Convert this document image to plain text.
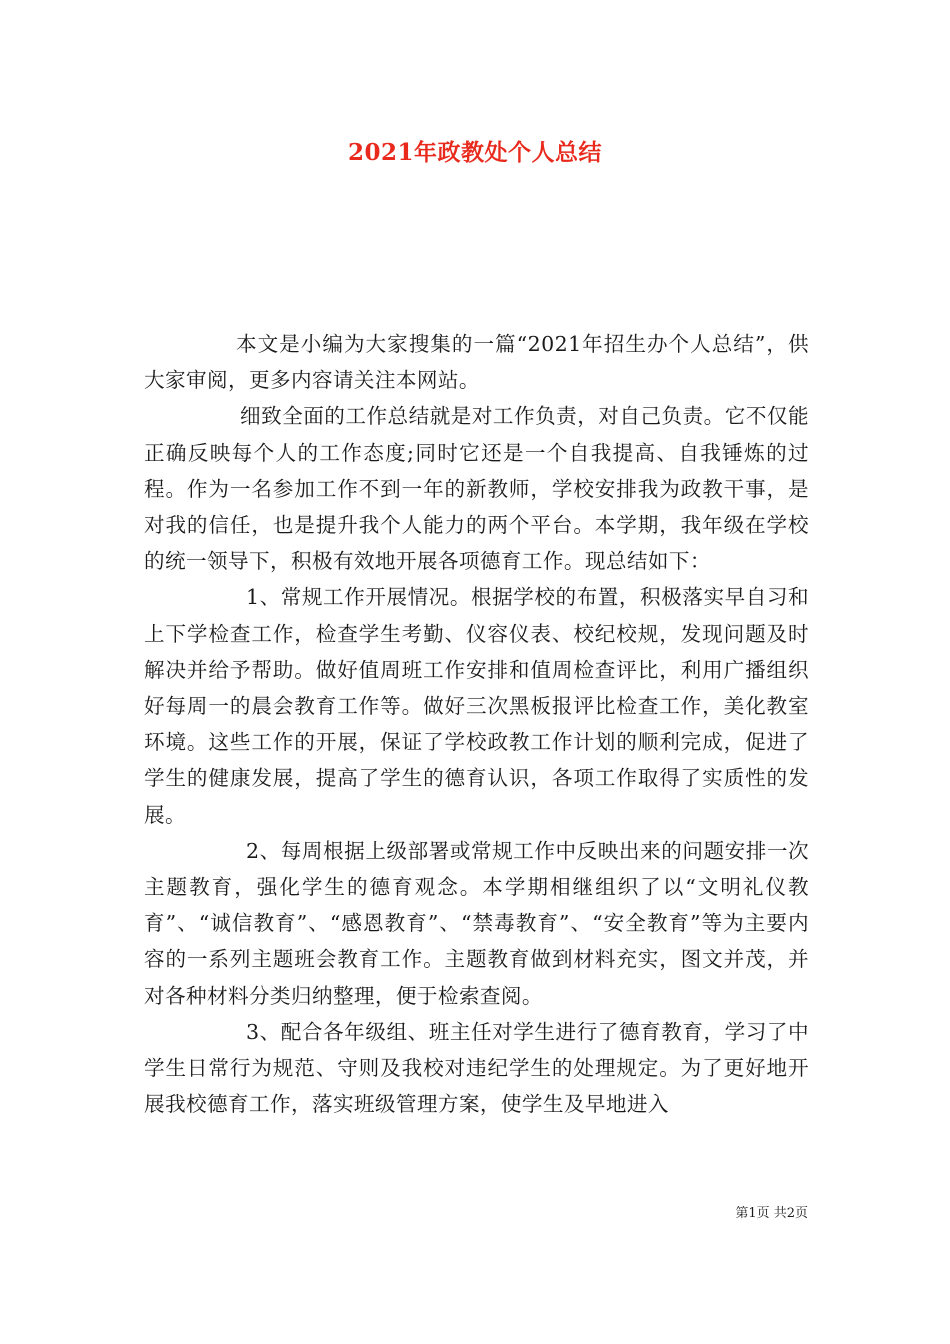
2021年政教处个人总结

本文是小编为大家搜集的一篇“2021年招生办个人总结”，供大家审阅，更多内容请关注本网站。

细致全面的工作总结就是对工作负责，对自己负责。它不仅能正确反映每个人的工作态度;同时它还是一个自我提高、自我锤炼的过程。作为一名参加工作不到一年的新教师，学校安排我为政教干事，是对我的信任，也是提升我个人能力的两个平台。本学期，我年级在学校的统一领导下，积极有效地开展各项德育工作。现总结如下：

1、常规工作开展情况。根据学校的布置，积极落实早自习和上下学检查工作，检查学生考勤、仪容仪表、校纪校规，发现问题及时解决并给予帮助。做好值周班工作安排和值周检查评比，利用广播组织好每周一的晨会教育工作等。做好三次黑板报评比检查工作，美化教室环境。这些工作的开展，保证了学校政教工作计划的顺利完成，促进了学生的健康发展，提高了学生的德育认识，各项工作取得了实质性的发展。

2、每周根据上级部署或常规工作中反映出来的问题安排一次主题教育，强化学生的德育观念。本学期相继组织了以“文明礼仪教育”、“诚信教育”、“感恩教育”、“禁毒教育”、“安全教育”等为主要内容的一系列主题班会教育工作。主题教育做到材料充实，图文并茂，并对各种材料分类归纳整理，便于检索查阅。

3、配合各年级组、班主任对学生进行了德育教育，学习了中学生日常行为规范、守则及我校对违纪学生的处理规定。为了更好地开展我校德育工作，落实班级管理方案，使学生及早地进入

第1页 共2页
